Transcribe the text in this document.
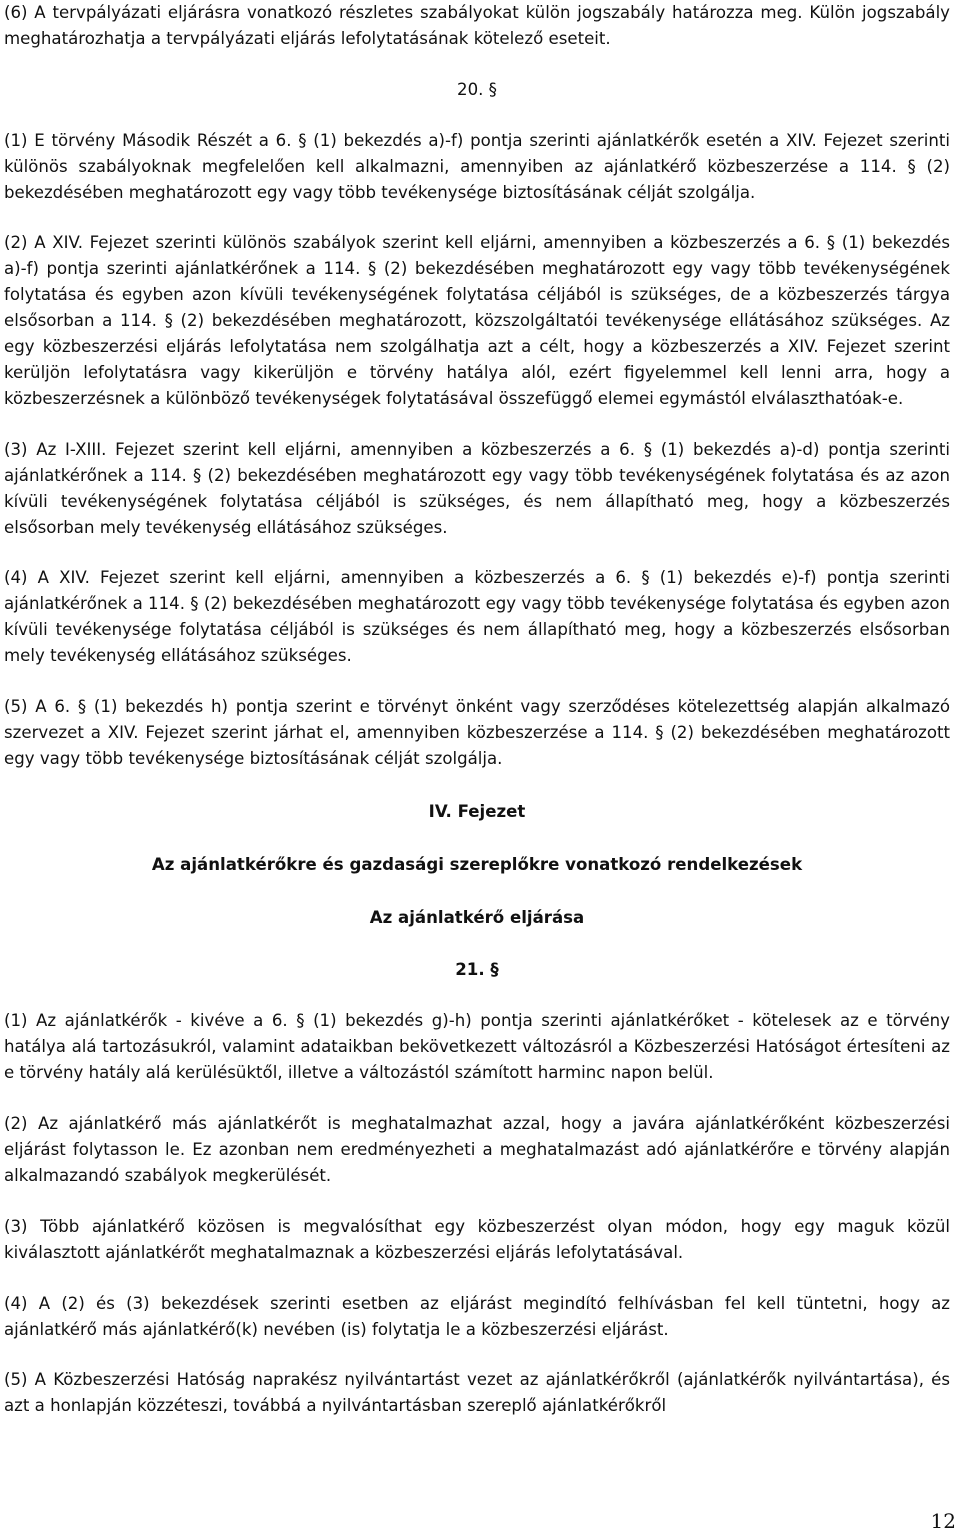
(6) A tervpályázati eljárásra vonatkozó részletes szabályokat külön jogszabály határozza meg. Külön jogszabály meghatározhatja a tervpályázati eljárás lefolytatásának kötelező eseteit.

20. §

(1) E törvény Második Részét a 6. § (1) bekezdés a)-f) pontja szerinti ajánlatkérők esetén a XIV. Fejezet szerinti különös szabályoknak megfelelően kell alkalmazni, amennyiben az ajánlatkérő közbeszerzése a 114. § (2) bekezdésében meghatározott egy vagy több tevékenysége biztosításának célját szolgálja.

(2) A XIV. Fejezet szerinti különös szabályok szerint kell eljárni, amennyiben a közbeszerzés a 6. § (1) bekezdés a)-f) pontja szerinti ajánlatkérőnek a 114. § (2) bekezdésében meghatározott egy vagy több tevékenységének folytatása és egyben azon kívüli tevékenységének folytatása céljából is szükséges, de a közbeszerzés tárgya elsősorban a 114. § (2) bekezdésében meghatározott, közszolgáltatói tevékenysége ellátásához szükséges. Az egy közbeszerzési eljárás lefolytatása nem szolgálhatja azt a célt, hogy a közbeszerzés a XIV. Fejezet szerint kerüljön lefolytatásra vagy kikerüljön e törvény hatálya alól, ezért figyelemmel kell lenni arra, hogy a közbeszerzésnek a különböző tevékenységek folytatásával összefüggő elemei egymástól elválaszthatóak-e.

(3) Az I-XIII. Fejezet szerint kell eljárni, amennyiben a közbeszerzés a 6. § (1) bekezdés a)-d) pontja szerinti ajánlatkérőnek a 114. § (2) bekezdésében meghatározott egy vagy több tevékenységének folytatása és az azon kívüli tevékenységének folytatása céljából is szükséges, és nem állapítható meg, hogy a közbeszerzés elsősorban mely tevékenység ellátásához szükséges.

(4) A XIV. Fejezet szerint kell eljárni, amennyiben a közbeszerzés a 6. § (1) bekezdés e)-f) pontja szerinti ajánlatkérőnek a 114. § (2) bekezdésében meghatározott egy vagy több tevékenysége folytatása és egyben azon kívüli tevékenysége folytatása céljából is szükséges és nem állapítható meg, hogy a közbeszerzés elsősorban mely tevékenység ellátásához szükséges.

(5) A 6. § (1) bekezdés h) pontja szerint e törvényt önként vagy szerződéses kötelezettség alapján alkalmazó szervezet a XIV. Fejezet szerint járhat el, amennyiben közbeszerzése a 114. § (2) bekezdésében meghatározott egy vagy több tevékenysége biztosításának célját szolgálja.

IV. Fejezet

Az ajánlatkérőkre és gazdasági szereplőkre vonatkozó rendelkezések

Az ajánlatkérő eljárása

21. §

(1) Az ajánlatkérők - kivéve a 6. § (1) bekezdés g)-h) pontja szerinti ajánlatkérőket - kötelesek az e törvény hatálya alá tartozásukról, valamint adataikban bekövetkezett változásról a Közbeszerzési Hatóságot értesíteni az e törvény hatály alá kerülésüktől, illetve a változástól számított harminc napon belül.

(2) Az ajánlatkérő más ajánlatkérőt is meghatalmazhat azzal, hogy a javára ajánlatkérőként közbeszerzési eljárást folytasson le. Ez azonban nem eredményezheti a meghatalmazást adó ajánlatkérőre e törvény alapján alkalmazandó szabályok megkerülését.

(3) Több ajánlatkérő közösen is megvalósíthat egy közbeszerzést olyan módon, hogy egy maguk közül kiválasztott ajánlatkérőt meghatalmaznak a közbeszerzési eljárás lefolytatásával.

(4) A (2) és (3) bekezdések szerinti esetben az eljárást megindító felhívásban fel kell tüntetni, hogy az ajánlatkérő más ajánlatkérő(k) nevében (is) folytatja le a közbeszerzési eljárást.

(5) A Közbeszerzési Hatóság naprakész nyilvántartást vezet az ajánlatkérőkről (ajánlatkérők nyilvántartása), és azt a honlapján közzéteszi, továbbá a nyilvántartásban szereplő ajánlatkérőkről

12
